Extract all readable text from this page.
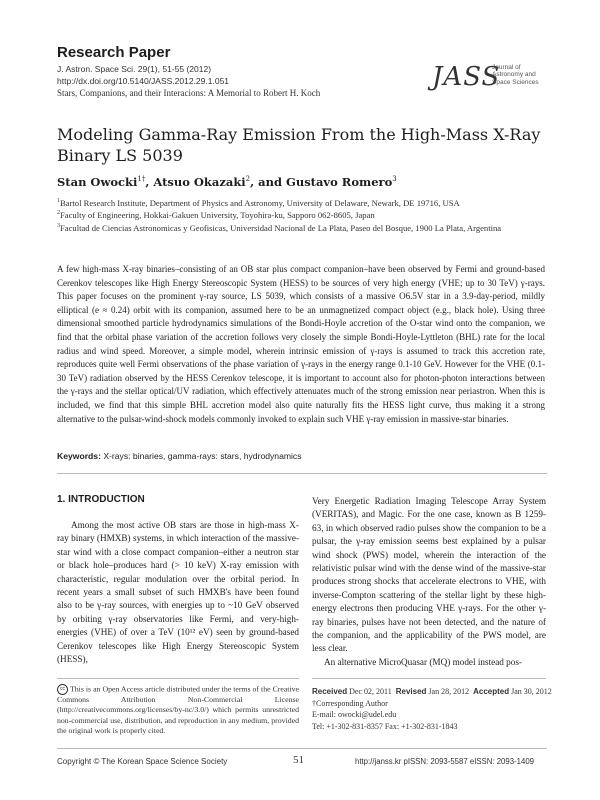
Research Paper
J. Astron. Space Sci. 29(1), 51-55 (2012)
http://dx.doi.org/10.5140/JASS.2012.29.1.051
Stars, Companions, and their Interacions: A Memorial to Robert H. Koch
JASS
Journal of
Astronomy and
Space Sciences
Modeling Gamma-Ray Emission From the High-Mass X-Ray Binary LS 5039
Stan Owocki$^{1\dagger}$, Atsuo Okazaki$^2$, and Gustavo Romero$^3$
$^1$Bartol Research Institute, Department of Physics and Astronomy, University of Delaware, Newark, DE 19716, USA
$^2$Faculty of Engineering, Hokkai-Gakuen University, Toyohira-ku, Sapporo 062-8605, Japan
$^3$Facultad de Ciencias Astronomicas y Geofisicas, Universidad Nacional de La Plata, Paseo del Bosque, 1900 La Plata, Argentina
A few high-mass X-ray binaries–consisting of an OB star plus compact companion–have been observed by Fermi and ground-based Cerenkov telescopes like High Energy Stereoscopic System (HESS) to be sources of very high energy (VHE; up to 30 TeV) γ-rays. This paper focuses on the prominent γ-ray source, LS 5039, which consists of a massive O6.5V star in a 3.9-day-period, mildly elliptical (e ≈ 0.24) orbit with its companion, assumed here to be an unmagnetized compact object (e.g., black hole). Using three dimensional smoothed particle hydrodynamics simulations of the Bondi-Hoyle accretion of the O-star wind onto the companion, we find that the orbital phase variation of the accretion follows very closely the simple Bondi-Hoyle-Lyttleton (BHL) rate for the local radius and wind speed. Moreover, a simple model, wherein intrinsic emission of γ-rays is assumed to track this accretion rate, reproduces quite well Fermi observations of the phase variation of γ-rays in the energy range 0.1-10 GeV. However for the VHE (0.1-30 TeV) radiation observed by the HESS Cerenkov telescope, it is important to account also for photon-photon interactions between the γ-rays and the stellar optical/UV radiation, which effectively attenuates much of the strong emission near periastron. When this is included, we find that this simple BHL accretion model also quite naturally fits the HESS light curve, thus making it a strong alternative to the pulsar-wind-shock models commonly invoked to explain such VHE γ-ray emission in massive-star binaries.
Keywords: X-rays: binaries, gamma-rays: stars, hydrodynamics
1. INTRODUCTION
Among the most active OB stars are those in high-mass X-ray binary (HMXB) systems, in which interaction of the massive-star wind with a close compact companion–either a neutron star or black hole–produces hard (> 10 keV) X-ray emission with characteristic, regular modulation over the orbital period. In recent years a small subset of such HMXB's have been found also to be γ-ray sources, with energies up to ~10 GeV observed by orbiting γ-ray observatories like Fermi, and very-high-energies (VHE) of over a TeV (10¹² eV) seen by ground-based Cerenkov telescopes like High Energy Stereoscopic System (HESS),

Very Energetic Radiation Imaging Telescope Array System (VERITAS), and Magic. For the one case, known as B 1259-63, in which observed radio pulses show the companion to be a pulsar, the γ-ray emission seems best explained by a pulsar wind shock (PWS) model, wherein the interaction of the relativistic pulsar wind with the dense wind of the massive-star produces strong shocks that accelerate electrons to VHE, with inverse-Compton scattering of the stellar light by these high-energy electrons then producing VHE γ-rays. For the other γ-ray binaries, pulses have not been detected, and the nature of the companion, and the applicability of the PWS model, are less clear.

An alternative MicroQuasar (MQ) model instead pos-

cc This is an Open Access article distributed under the terms of the Creative Commons Attribution Non-Commercial License (http://creativecommons.org/licenses/by-nc/3.0/) which permits unrestricted non-commercial use, distribution, and reproduction in any medium, provided the original work is properly cited.
Received Dec 02, 2011 Revised Jan 28, 2012 Accepted Jan 30, 2012
†Corresponding Author
E-mail: owocki@udel.edu
Tel: +1-302-831-8357 Fax: +1-302-831-1843
Copyright © The Korean Space Science Society	51	http://janss.kr pISSN: 2093-5587 eISSN: 2093-1409
